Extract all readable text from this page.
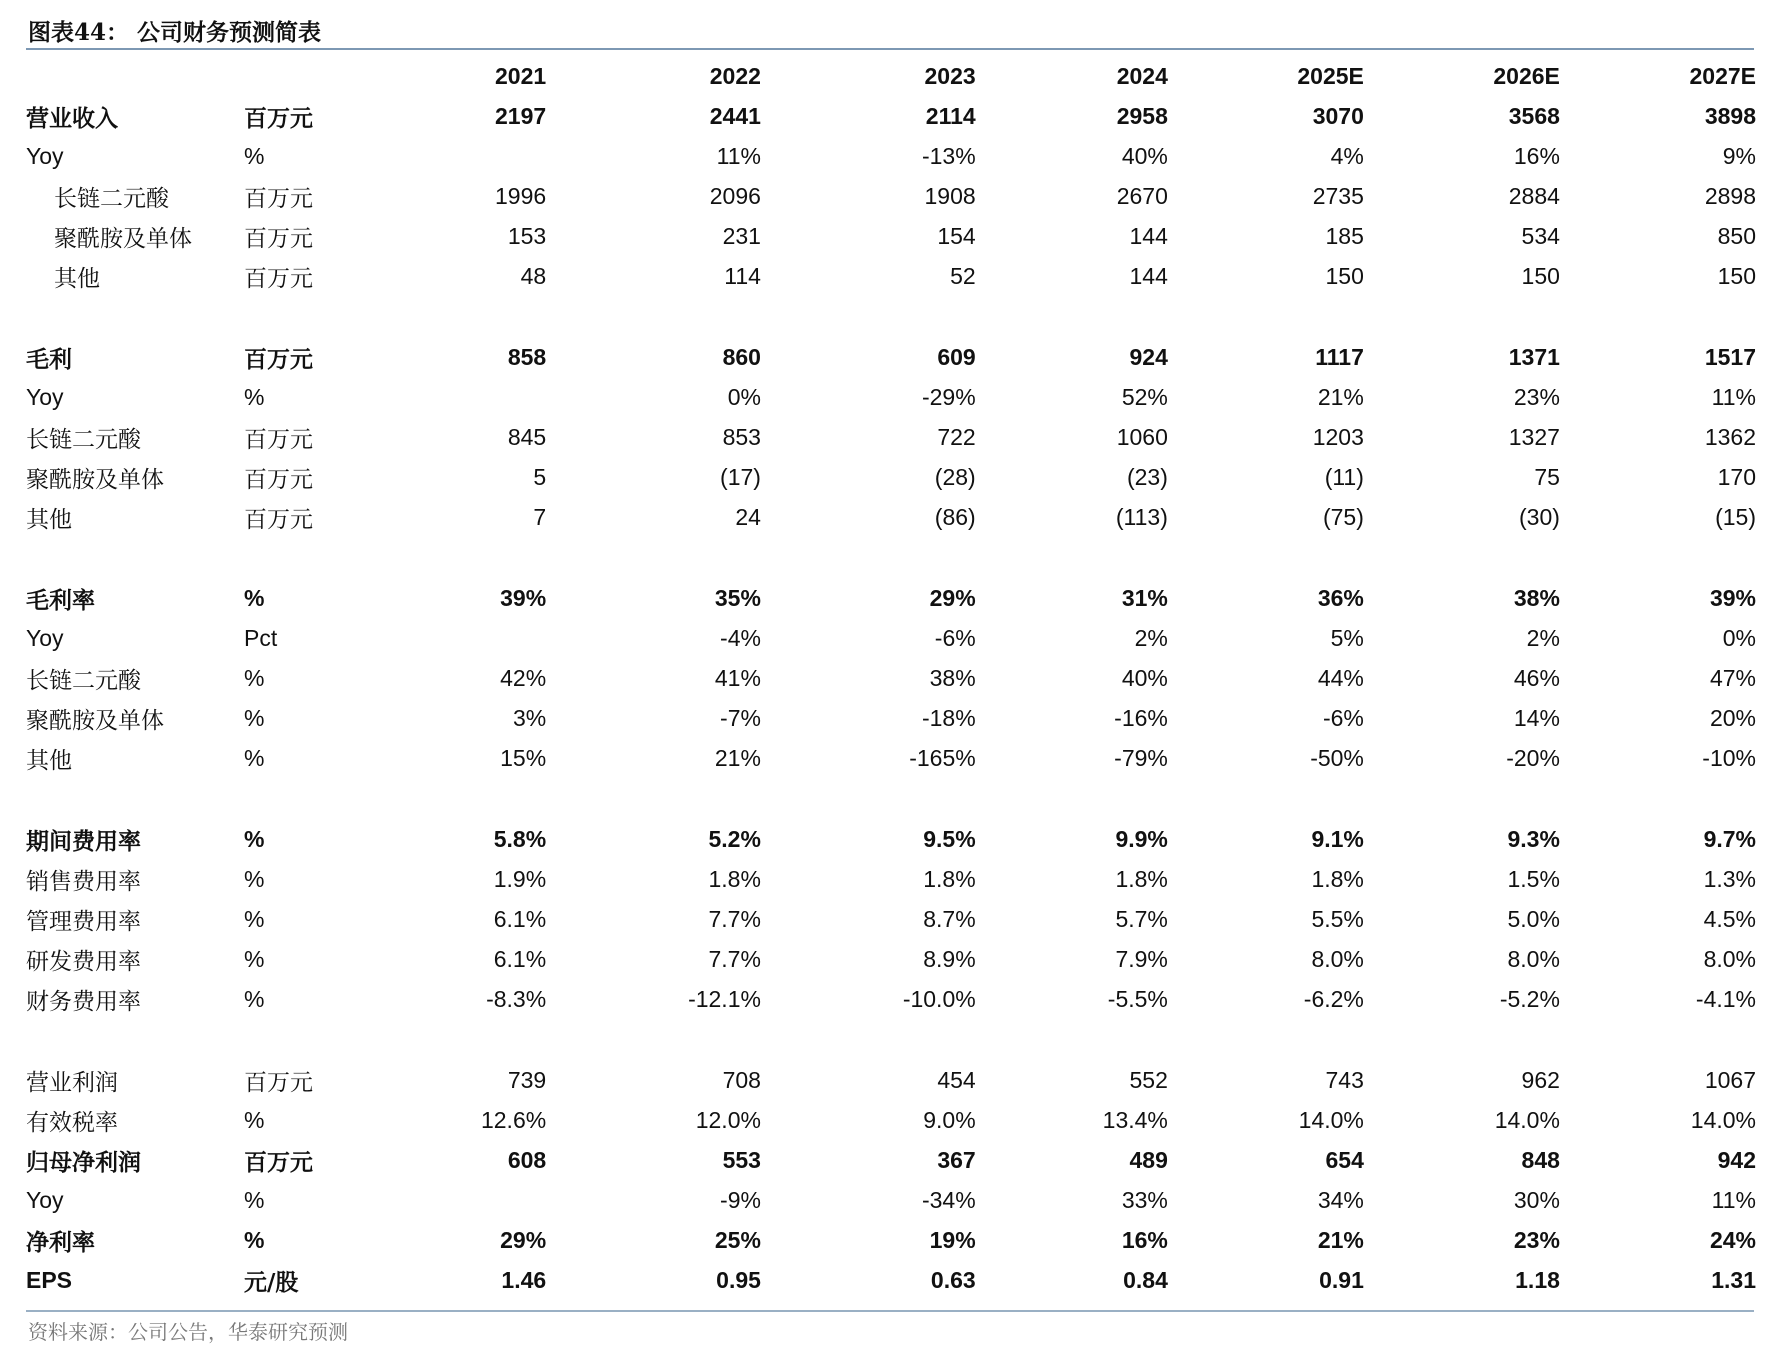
图表44： 公司财务预测简表
		2021	2022	2023	2024	2025E	2026E	2027E
营业收入	百万元	2197	2441	2114	2958	3070	3568	3898
Yoy	%		11%	-13%	40%	4%	16%	9%
长链二元酸	百万元	1996	2096	1908	2670	2735	2884	2898
聚酰胺及单体	百万元	153	231	154	144	185	534	850
其他	百万元	48	114	52	144	150	150	150

毛利	百万元	858	860	609	924	1117	1371	1517
Yoy	%		0%	-29%	52%	21%	23%	11%
长链二元酸	百万元	845	853	722	1060	1203	1327	1362
聚酰胺及单体	百万元	5	(17)	(28)	(23)	(11)	75	170
其他	百万元	7	24	(86)	(113)	(75)	(30)	(15)

毛利率	%	39%	35%	29%	31%	36%	38%	39%
Yoy	Pct		-4%	-6%	2%	5%	2%	0%
长链二元酸	%	42%	41%	38%	40%	44%	46%	47%
聚酰胺及单体	%	3%	-7%	-18%	-16%	-6%	14%	20%
其他	%	15%	21%	-165%	-79%	-50%	-20%	-10%

期间费用率	%	5.8%	5.2%	9.5%	9.9%	9.1%	9.3%	9.7%
销售费用率	%	1.9%	1.8%	1.8%	1.8%	1.8%	1.5%	1.3%
管理费用率	%	6.1%	7.7%	8.7%	5.7%	5.5%	5.0%	4.5%
研发费用率	%	6.1%	7.7%	8.9%	7.9%	8.0%	8.0%	8.0%
财务费用率	%	-8.3%	-12.1%	-10.0%	-5.5%	-6.2%	-5.2%	-4.1%

营业利润	百万元	739	708	454	552	743	962	1067
有效税率	%	12.6%	12.0%	9.0%	13.4%	14.0%	14.0%	14.0%
归母净利润	百万元	608	553	367	489	654	848	942
Yoy	%		-9%	-34%	33%	34%	30%	11%
净利率	%	29%	25%	19%	16%	21%	23%	24%
EPS	元/股	1.46	0.95	0.63	0.84	0.91	1.18	1.31
资料来源：公司公告，华泰研究预测
